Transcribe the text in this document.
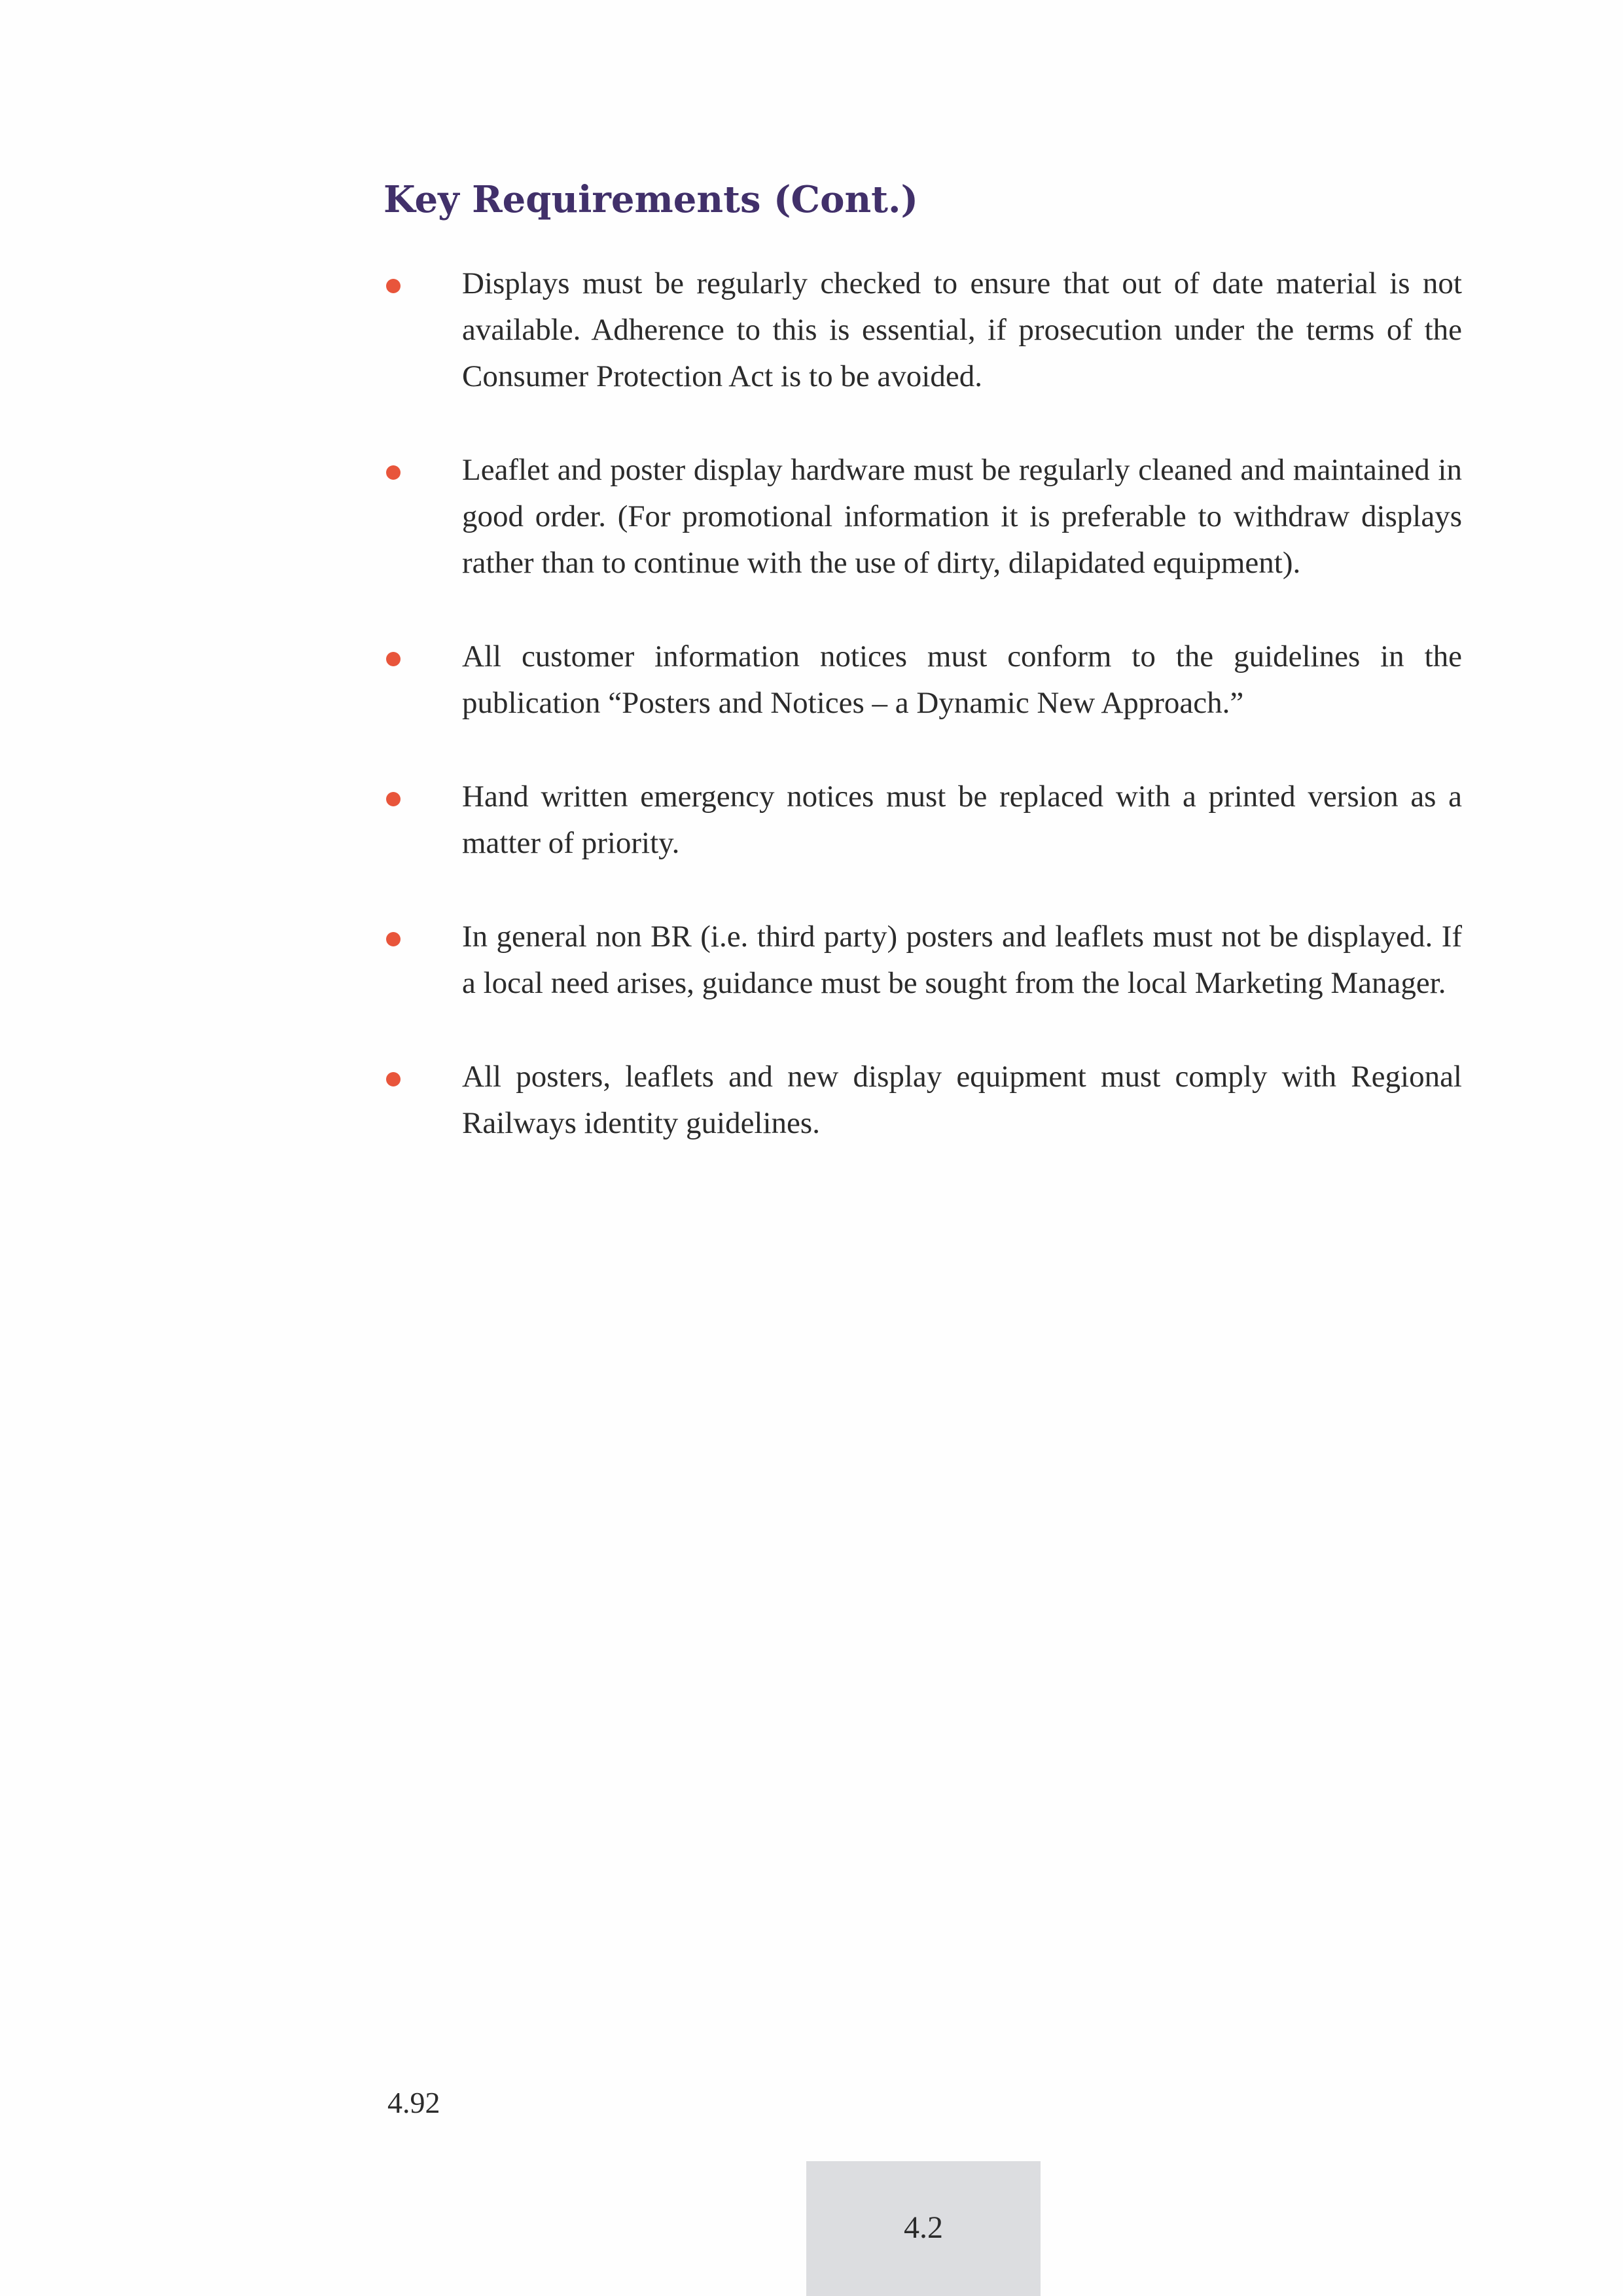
Key Requirements (Cont.)

Displays must be regularly checked to ensure that out of date material is not available. Adherence to this is essential, if prosecution under the terms of the Consumer Protection Act is to be avoided.

Leaflet and poster display hardware must be regularly cleaned and maintained in good order. (For promotional information it is preferable to withdraw displays rather than to continue with the use of dirty, dilapidated equipment).

All customer information notices must conform to the guidelines in the publication “Posters and Notices – a Dynamic New Approach.”

Hand written emergency notices must be replaced with a printed version as a matter of priority.

In general non BR (i.e. third party) posters and leaflets must not be displayed. If a local need arises, guidance must be sought from the local Marketing Manager.

All posters, leaflets and new display equipment must comply with Regional Railways identity guidelines.

4.92
4.2
